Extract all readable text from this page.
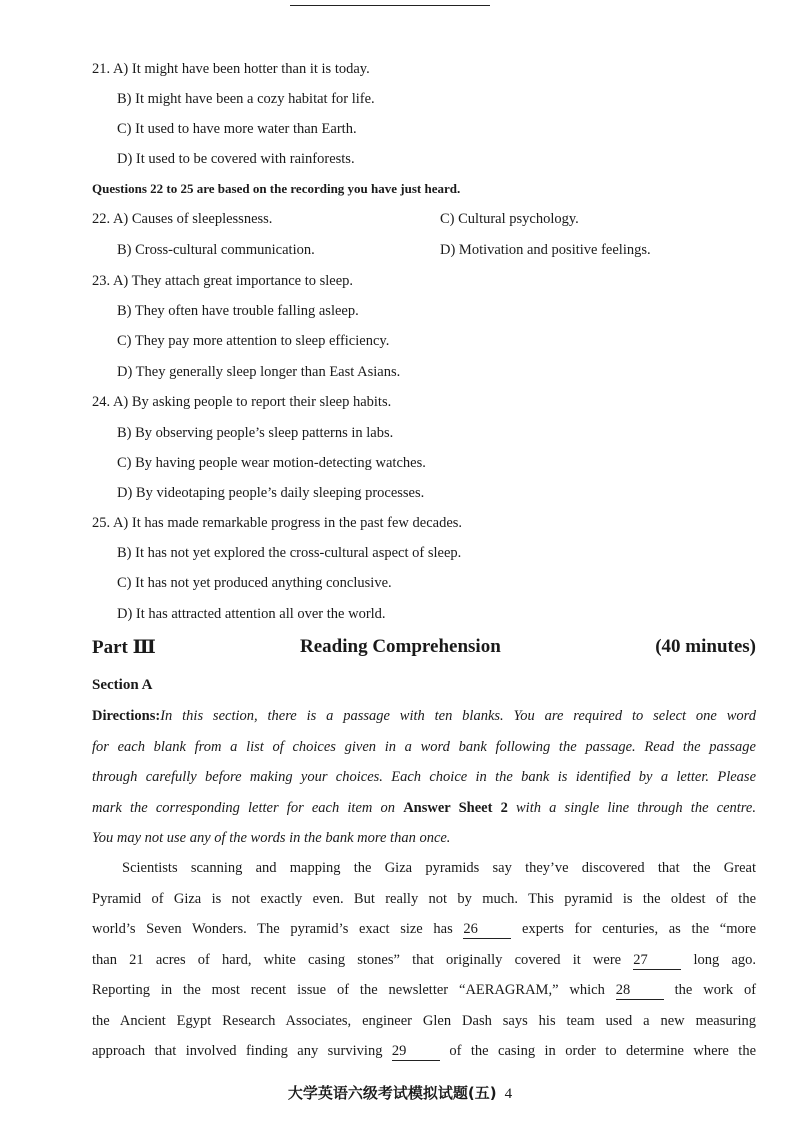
21. A) It might have been hotter than it is today.
B) It might have been a cozy habitat for life.
C) It used to have more water than Earth.
D) It used to be covered with rainforests.
Questions 22 to 25 are based on the recording you have just heard.
22. A) Causes of sleeplessness.	C) Cultural psychology.
B) Cross-cultural communication.	D) Motivation and positive feelings.
23. A) They attach great importance to sleep.
B) They often have trouble falling asleep.
C) They pay more attention to sleep efficiency.
D) They generally sleep longer than East Asians.
24. A) By asking people to report their sleep habits.
B) By observing people’s sleep patterns in labs.
C) By having people wear motion-detecting watches.
D) By videotaping people’s daily sleeping processes.
25. A) It has made remarkable progress in the past few decades.
B) It has not yet explored the cross-cultural aspect of sleep.
C) It has not yet produced anything conclusive.
D) It has attracted attention all over the world.
Part Ⅲ	Reading Comprehension	(40 minutes)
Section A
Directions:In this section, there is a passage with ten blanks. You are required to select one word
for each blank from a list of choices given in a word bank following the passage. Read the passage
through carefully before making your choices. Each choice in the bank is identified by a letter. Please
mark the corresponding letter for each item on Answer Sheet 2 with a single line through the centre.
You may not use any of the words in the bank more than once.
Scientists scanning and mapping the Giza pyramids say they’ve discovered that the Great
Pyramid of Giza is not exactly even. But really not by much. This pyramid is the oldest of the
world’s Seven Wonders. The pyramid’s exact size has 26	experts for centuries, as the “more
than 21 acres of hard, white casing stones” that originally covered it were 27	long ago.
Reporting in the most recent issue of the newsletter “AERAGRAM,” which 28	the work of
the Ancient Egypt Research Associates, engineer Glen Dash says his team used a new measuring
approach that involved finding any surviving 29	of the casing in order to determine where the
大学英语六级考试模拟试题(五) 4
